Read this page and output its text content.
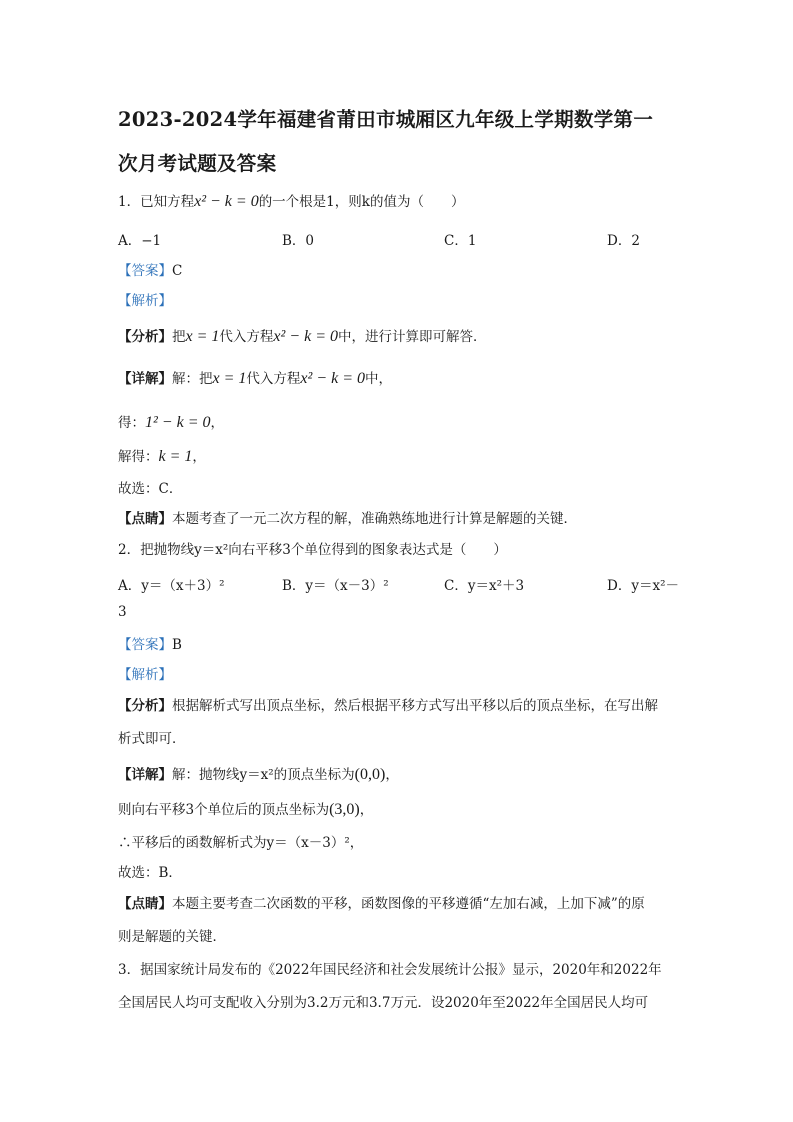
2023-2024学年福建省莆田市城厢区九年级上学期数学第一
次月考试题及答案
1．已知方程x² − k = 0的一个根是1，则k的值为（　　）
A．−1	B．0	C．1	D．2
【答案】C
【解析】
【分析】把x = 1代入方程x² − k = 0中，进行计算即可解答．
【详解】解：把x = 1代入方程x² − k = 0中，
得：1² − k = 0，
解得：k = 1，
故选：C．
【点睛】本题考查了一元二次方程的解，准确熟练地进行计算是解题的关键．
2．把抛物线y＝x²向右平移3个单位得到的图象表达式是（　　）
A．y＝（x＋3）²	B．y＝（x－3）²	C．y＝x²＋3	D．y＝x²－
3
【答案】B
【解析】
【分析】根据解析式写出顶点坐标，然后根据平移方式写出平移以后的顶点坐标，在写出解
析式即可．
【详解】解：抛物线y＝x²的顶点坐标为(0,0)，
则向右平移3个单位后的顶点坐标为(3,0)，
∴平移后的函数解析式为y＝（x－3）²，
故选：B．
【点睛】本题主要考查二次函数的平移，函数图像的平移遵循“左加右减，上加下减”的原
则是解题的关键．
3．据国家统计局发布的《2022年国民经济和社会发展统计公报》显示，2020年和2022年
全国居民人均可支配收入分别为3.2万元和3.7万元．设2020年至2022年全国居民人均可
